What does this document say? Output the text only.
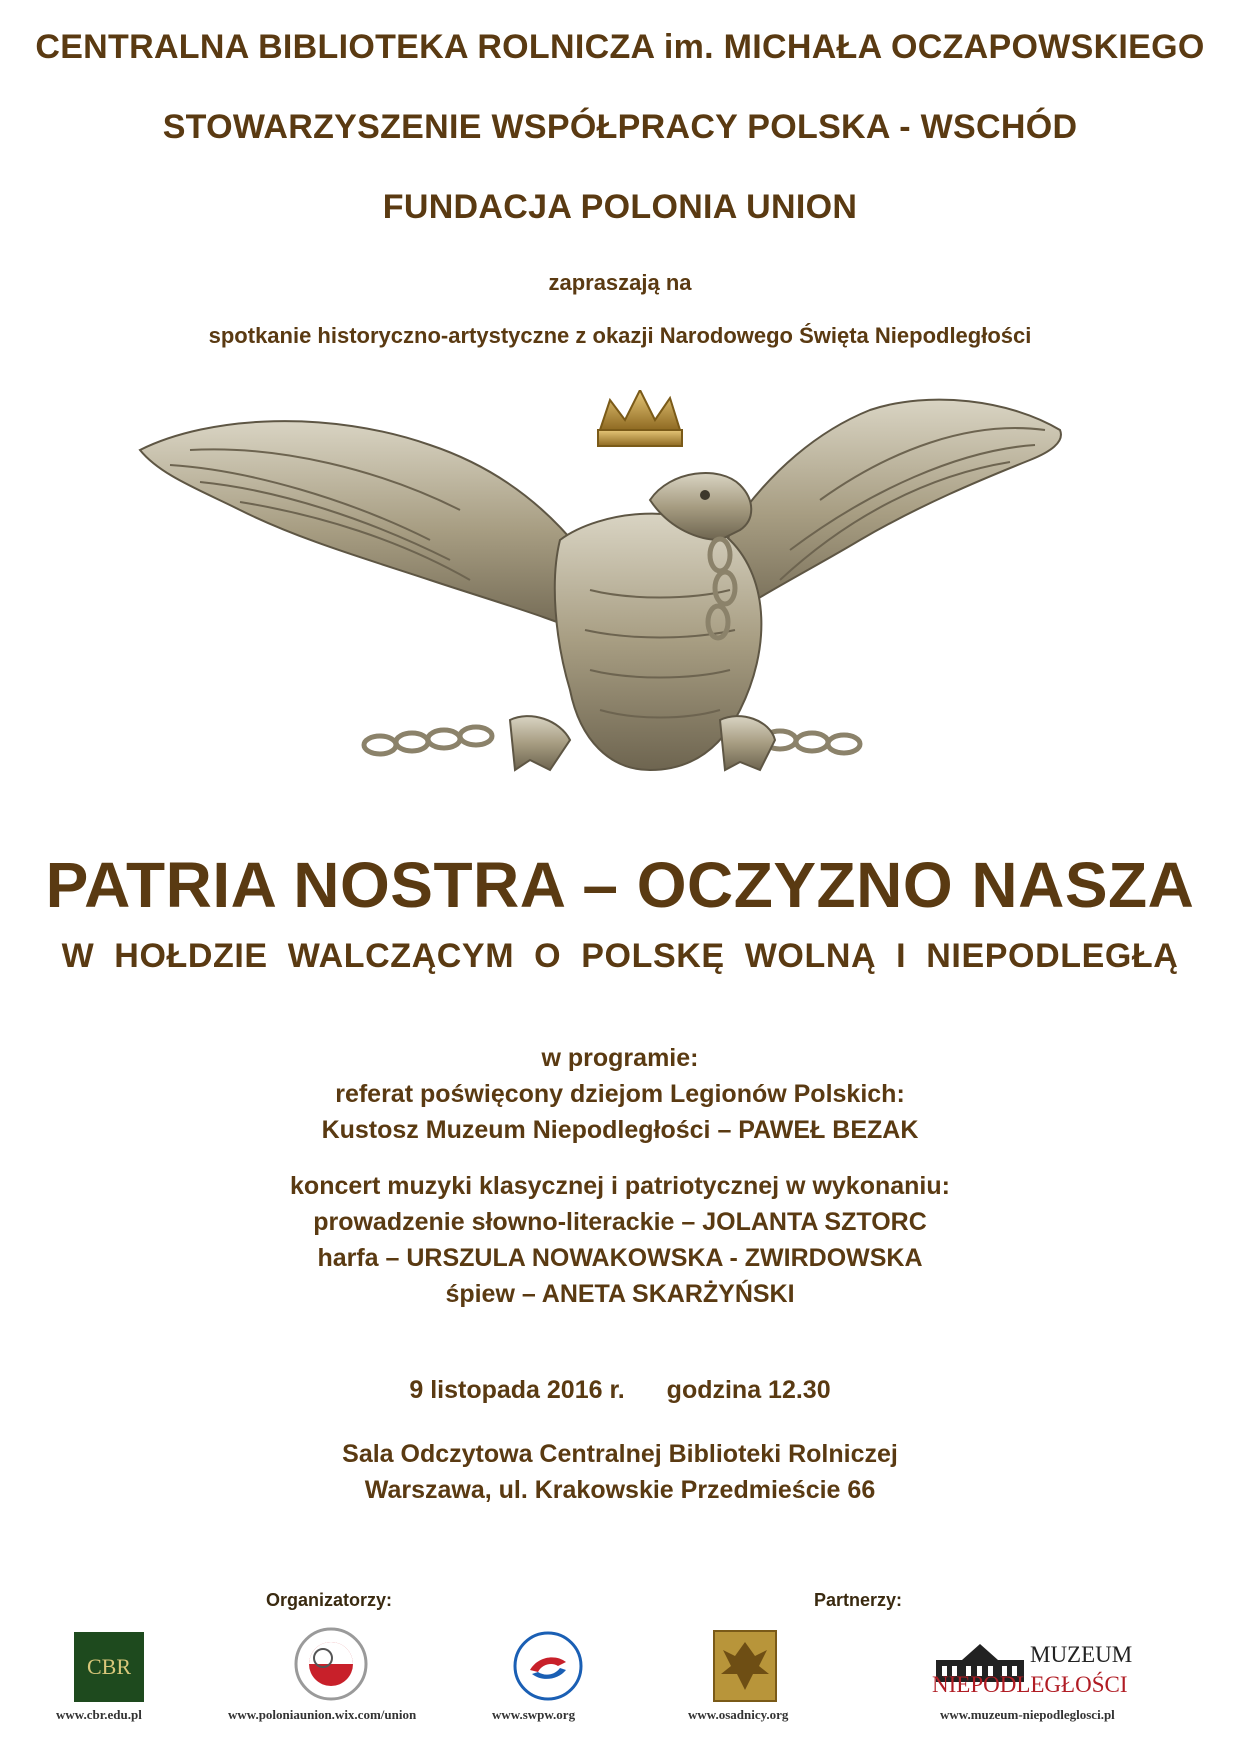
CENTRALNA BIBLIOTEKA ROLNICZA im. MICHAŁA OCZAPOWSKIEGO
STOWARZYSZENIE WSPÓŁPRACY POLSKA - WSCHÓD
FUNDACJA POLONIA UNION
zapraszają na
spotkanie historyczno-artystyczne z okazji Narodowego Święta Niepodległości
PATRIA NOSTRA – OCZYZNO NASZA
W HOŁDZIE WALCZĄCYM O POLSKĘ WOLNĄ I NIEPODLEGŁĄ
w programie:
referat poświęcony dziejom Legionów Polskich:
Kustosz Muzeum Niepodległości – PAWEŁ BEZAK
koncert muzyki klasycznej i patriotycznej w wykonaniu:
prowadzenie słowno-literackie – JOLANTA SZTORC
harfa – URSZULA NOWAKOWSKA - ZWIRDOWSKA
śpiew – ANETA SKARŻYŃSKI
9 listopada 2016 r. godzina 12.30
Sala Odczytowa Centralnej Biblioteki Rolniczej
Warszawa, ul. Krakowskie Przedmieście 66
Organizatorzy:	Partnerzy:
CBR
www.cbr.edu.pl	www.poloniaunion.wix.com/union	www.swpw.org	www.osadnicy.org
MUZEUM
NIEPODLEGŁOŚCI
www.muzeum-niepodleglosci.pl
